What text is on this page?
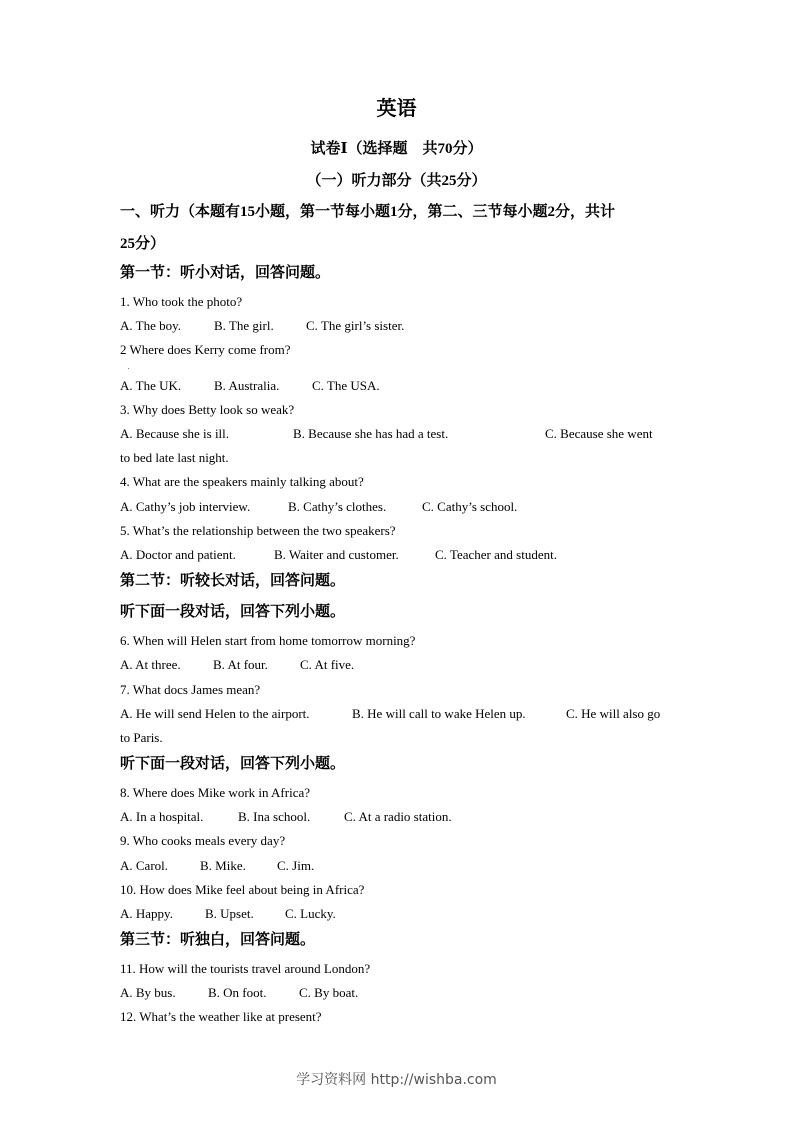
英语
试卷Ⅰ（选择题　共70分）
（一）听力部分（共25分）
一、听力（本题有15小题，第一节每小题1分，第二、三节每小题2分，共计
25分）
第一节：听小对话，回答问题。
1. Who took the photo?
A. The boy.	B. The girl. C. The girl’s sister.
2 Where does Kerry come from?
A. The UK.	B. Australia.	C. The USA.
3. Why does Betty look so weak?
A. Because she is ill.	B. Because she has had a test.	C. Because she went
to bed late last night.
4. What are the speakers mainly talking about?
A. Cathy’s job interview.	B. Cathy’s clothes.	C. Cathy’s school.
5. What’s the relationship between the two speakers?
A. Doctor and patient.	B. Waiter and customer.	C. Teacher and student.
第二节：听较长对话，回答问题。
听下面一段对话，回答下列小题。
6. When will Helen start from home tomorrow morning?
A. At three. B. At four. C. At five.
7. What docs James mean?
A. He will send Helen to the airport.	B. He will call to wake Helen up.	C. He will also go
to Paris.
听下面一段对话，回答下列小题。
8. Where does Mike work in Africa?
A. In a hospital.	B. Ina school.	C. At a radio station.
9. Who cooks meals every day?
A. Carol. B. Mike. C. Jim.
10. How does Mike feel about being in Africa?
A. Happy. B. Upset. C. Lucky.
第三节：听独白，回答问题。
11. How will the tourists travel around London?
A. By bus. B. On foot.	C. By boat.
12. What’s the weather like at present?
学习资料网 http://wishba.com
